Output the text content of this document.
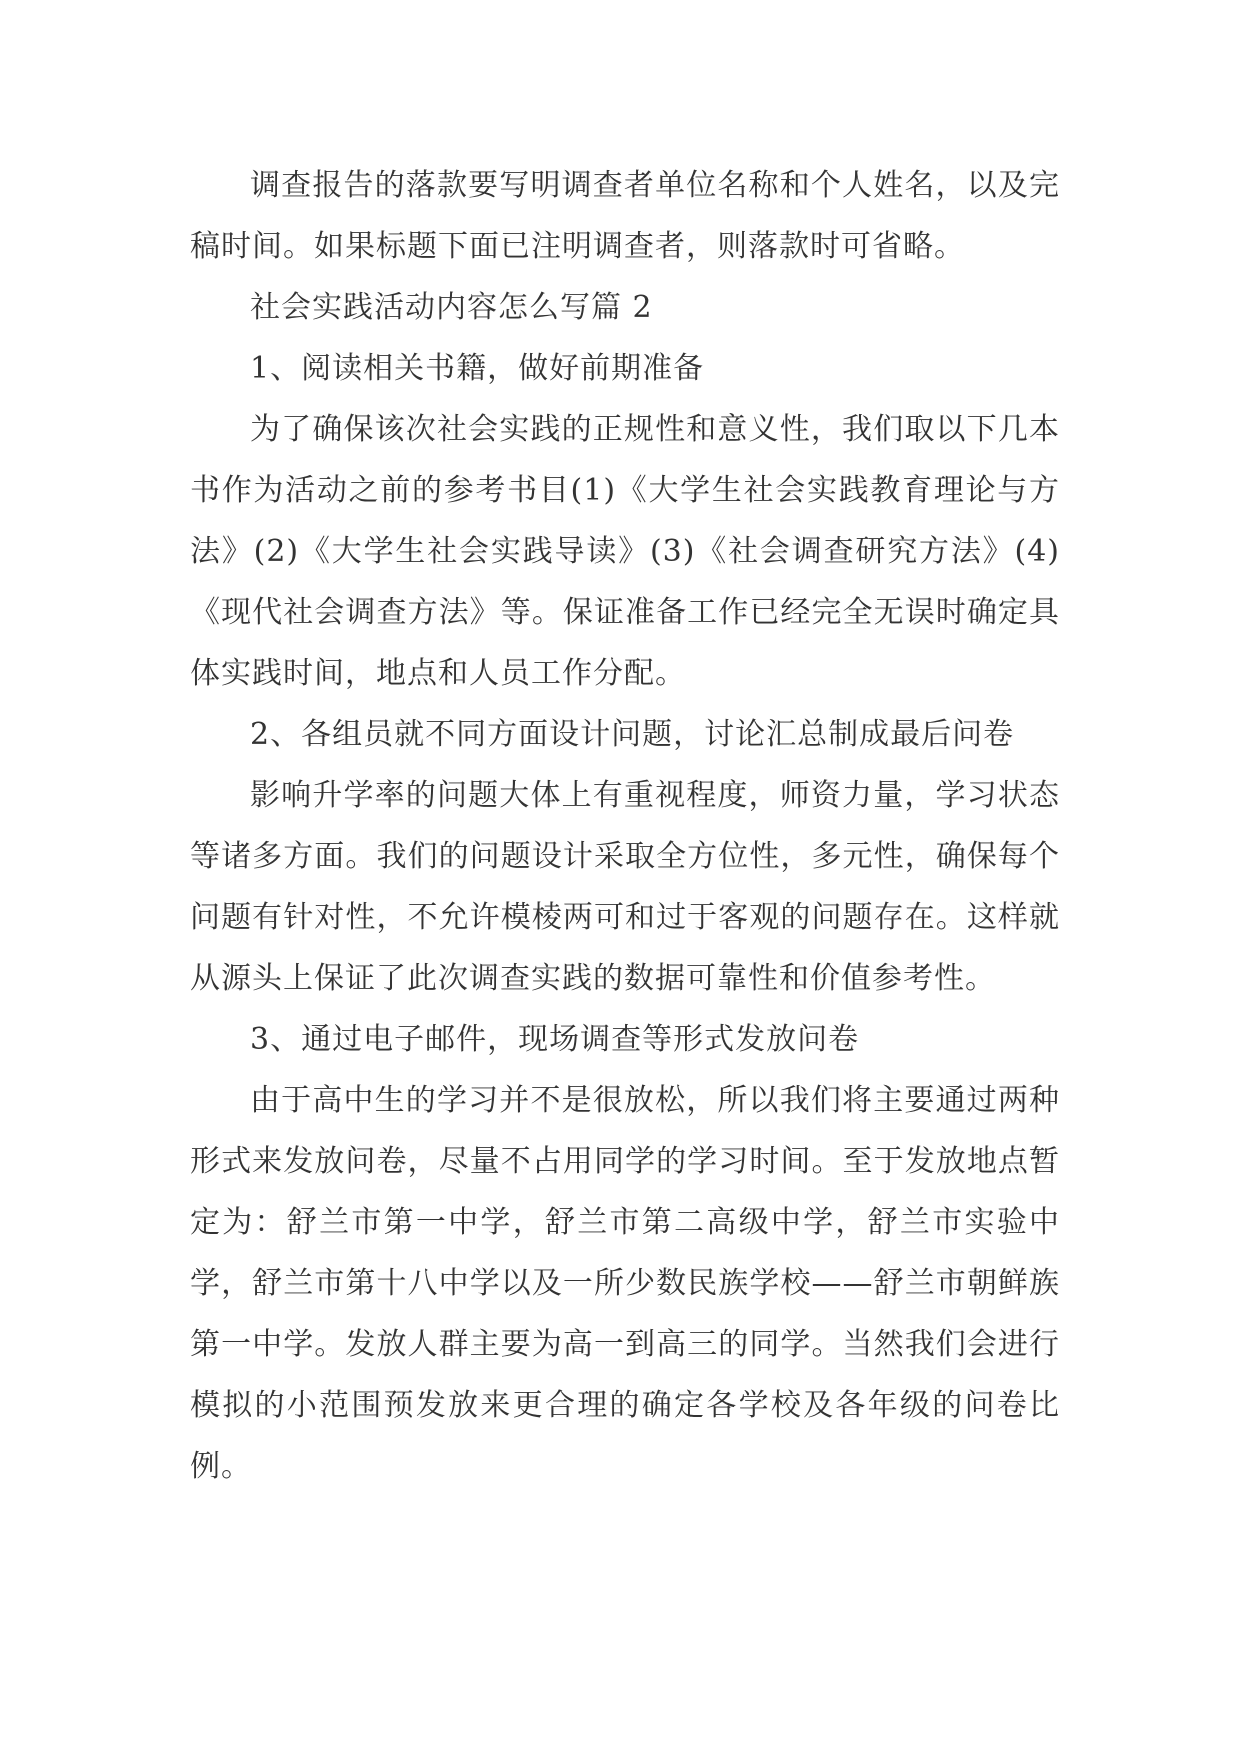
调查报告的落款要写明调查者单位名称和个人姓名，以及完稿时间。如果标题下面已注明调查者，则落款时可省略。

社会实践活动内容怎么写篇 2

1、阅读相关书籍，做好前期准备

为了确保该次社会实践的正规性和意义性，我们取以下几本书作为活动之前的参考书目(1)《大学生社会实践教育理论与方法》(2)《大学生社会实践导读》(3)《社会调查研究方法》(4)《现代社会调查方法》等。保证准备工作已经完全无误时确定具体实践时间，地点和人员工作分配。

2、各组员就不同方面设计问题，讨论汇总制成最后问卷

影响升学率的问题大体上有重视程度，师资力量，学习状态等诸多方面。我们的问题设计采取全方位性，多元性，确保每个问题有针对性，不允许模棱两可和过于客观的问题存在。这样就从源头上保证了此次调查实践的数据可靠性和价值参考性。

3、通过电子邮件，现场调查等形式发放问卷

由于高中生的学习并不是很放松，所以我们将主要通过两种形式来发放问卷，尽量不占用同学的学习时间。至于发放地点暂定为：舒兰市第一中学，舒兰市第二高级中学，舒兰市实验中学，舒兰市第十八中学以及一所少数民族学校——舒兰市朝鲜族第一中学。发放人群主要为高一到高三的同学。当然我们会进行模拟的小范围预发放来更合理的确定各学校及各年级的问卷比例。
